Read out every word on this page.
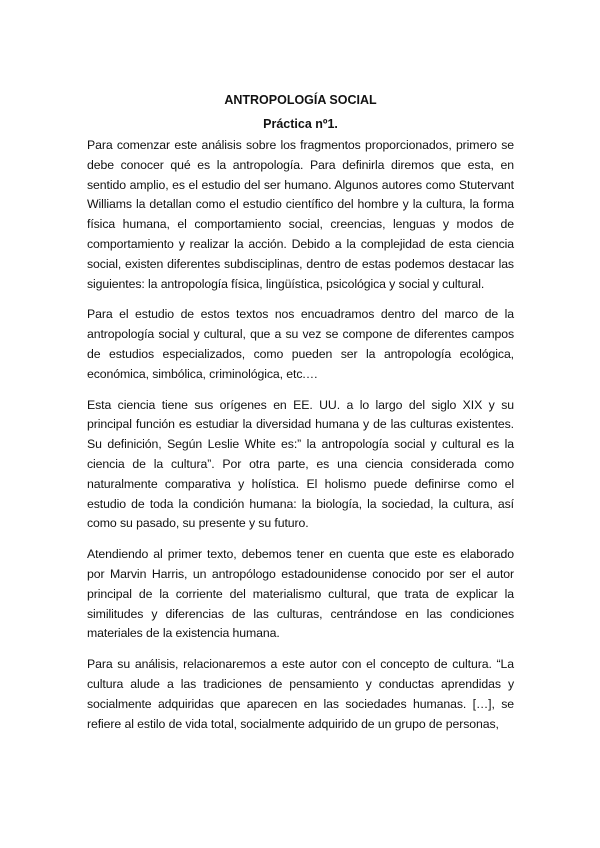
ANTROPOLOGÍA SOCIAL
Práctica nº1.

Para comenzar este análisis sobre los fragmentos proporcionados, primero se debe conocer qué es la antropología. Para definirla diremos que esta, en sentido amplio, es el estudio del ser humano. Algunos autores como Stutervant Williams la detallan como el estudio científico del hombre y la cultura, la forma física humana, el comportamiento social, creencias, lenguas y modos de comportamiento y realizar la acción. Debido a la complejidad de esta ciencia social, existen diferentes subdisciplinas, dentro de estas podemos destacar las siguientes: la antropología física, lingüística, psicológica y social y cultural.

Para el estudio de estos textos nos encuadramos dentro del marco de la antropología social y cultural, que a su vez se compone de diferentes campos de estudios especializados, como pueden ser la antropología ecológica, económica, simbólica, criminológica, etc.…

Esta ciencia tiene sus orígenes en EE. UU. a lo largo del siglo XIX y su principal función es estudiar la diversidad humana y de las culturas existentes. Su definición, Según Leslie White es:” la antropología social y cultural es la ciencia de la cultura”. Por otra parte, es una ciencia considerada como naturalmente comparativa y holística. El holismo puede definirse como el estudio de toda la condición humana: la biología, la sociedad, la cultura, así como su pasado, su presente y su futuro.

Atendiendo al primer texto, debemos tener en cuenta que este es elaborado por Marvin Harris, un antropólogo estadounidense conocido por ser el autor principal de la corriente del materialismo cultural, que trata de explicar la similitudes y diferencias de las culturas, centrándose en las condiciones materiales de la existencia humana.

Para su análisis, relacionaremos a este autor con el concepto de cultura. “La cultura alude a las tradiciones de pensamiento y conductas aprendidas y socialmente adquiridas que aparecen en las sociedades humanas. […], se refiere al estilo de vida total, socialmente adquirido de un grupo de personas,
